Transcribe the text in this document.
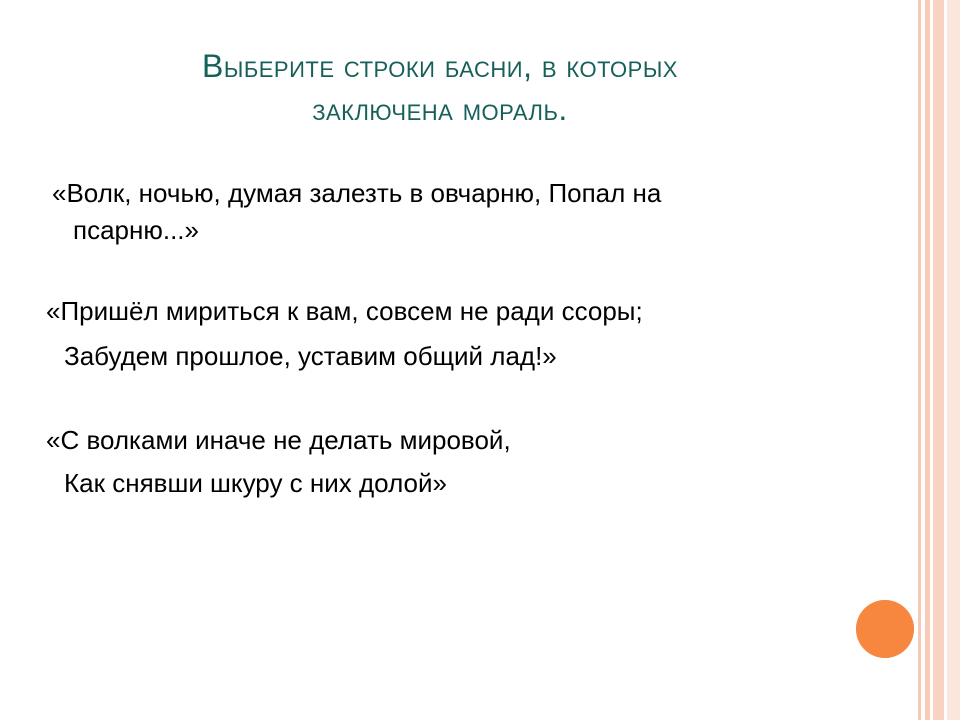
Выберите строки басни, в которых
заключена мораль.
«Волк, ночью, думая залезть в овчарню, Попал на
псарню...»
«Пришёл мириться к вам, совсем не ради ссоры;
Забудем прошлое, уставим общий лад!»
«С волками иначе не делать мировой,
Как снявши шкуру с них долой»
